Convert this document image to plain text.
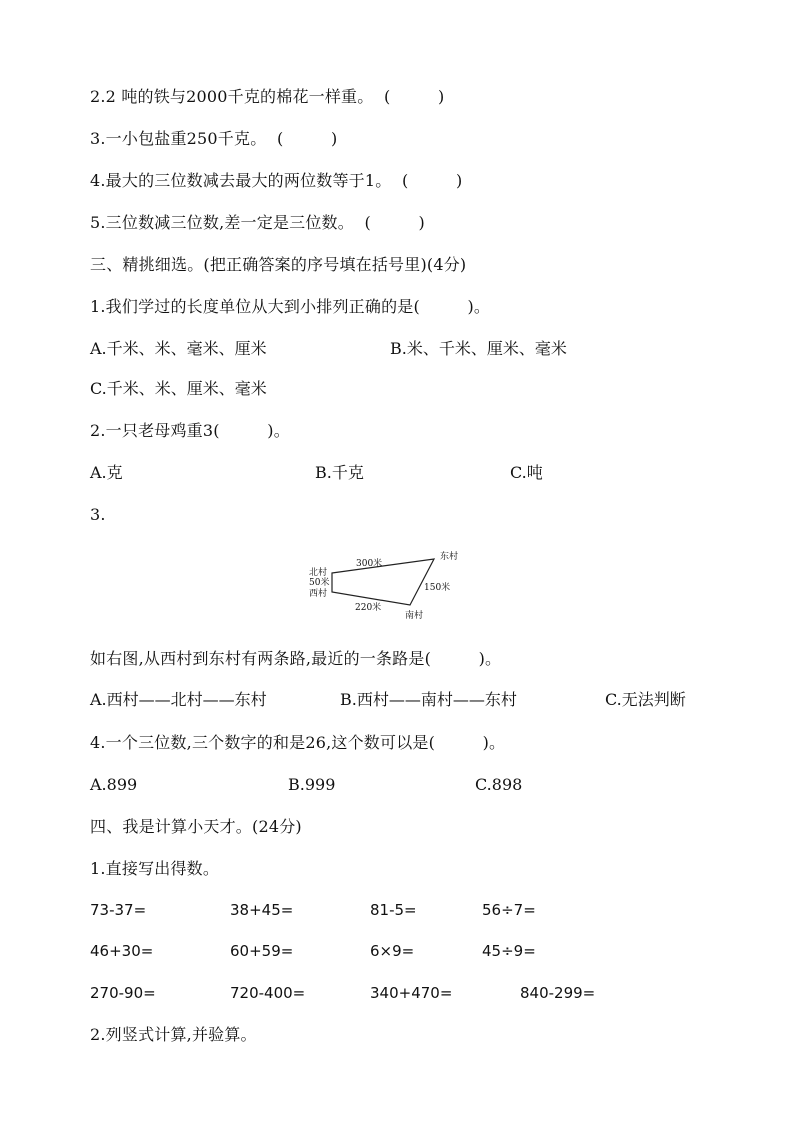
2.2 吨的铁与2000千克的棉花一样重。  (         )
3.一小包盐重250千克。  (         )
4.最大的三位数减去最大的两位数等于1。  (         )
5.三位数减三位数,差一定是三位数。  (         )
三、精挑细选。(把正确答案的序号填在括号里)(4分)
1.我们学过的长度单位从大到小排列正确的是(         )。
A.千米、米、毫米、厘米	B.米、千米、厘米、毫米
C.千米、米、厘米、毫米
2.一只老母鸡重3(         )。
A.克	B.千克	C.吨
3.
北村
50米
西村
300米
东村
150米
220米
南村
如右图,从西村到东村有两条路,最近的一条路是(         )。
A.西村——北村——东村	B.西村——南村——东村	C.无法判断
4.一个三位数,三个数字的和是26,这个数可以是(         )。
A.899	B.999	C.898
四、我是计算小天才。(24分)
1.直接写出得数。
73-37=	38+45=	81-5=	56÷7=
46+30=	60+59=	6×9=	45÷9=
270-90=	720-400=	340+470=	840-299=
2.列竖式计算,并验算。
